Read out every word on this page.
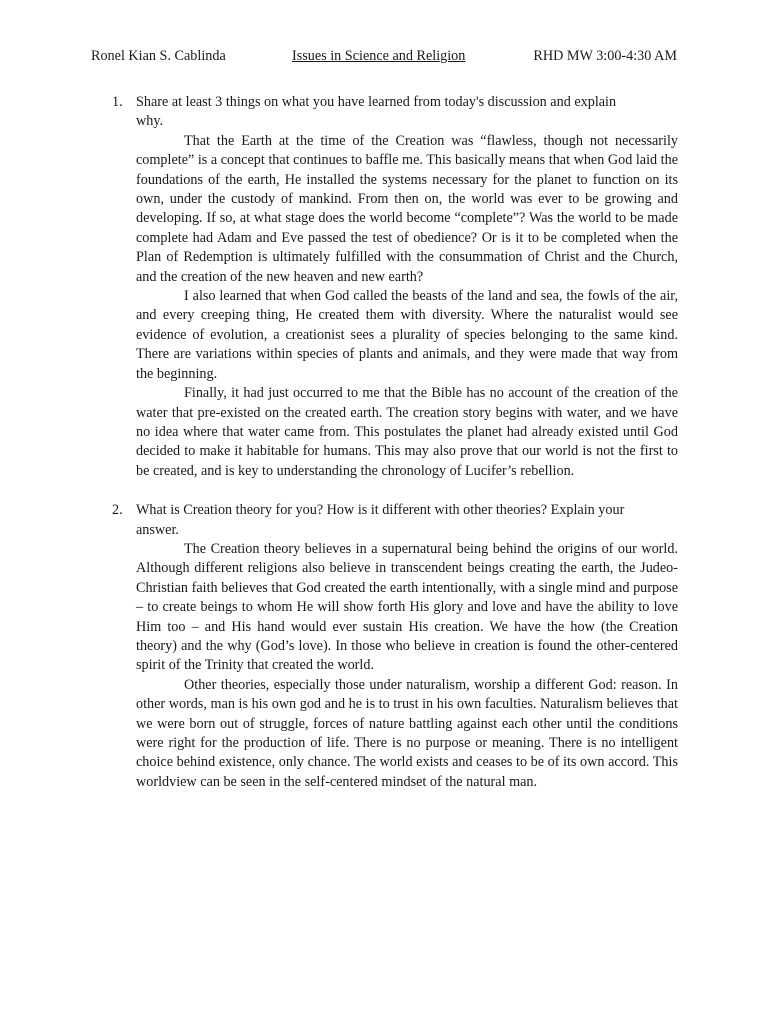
Ronel Kian S. Cablinda	Issues in Science and Religion	RHD MW 3:00-4:30 AM
1. Share at least 3 things on what you have learned from today's discussion and explain why.

That the Earth at the time of the Creation was “flawless, though not necessarily complete” is a concept that continues to baffle me. This basically means that when God laid the foundations of the earth, He installed the systems necessary for the planet to function on its own, under the custody of mankind. From then on, the world was ever to be growing and developing. If so, at what stage does the world become “complete”? Was the world to be made complete had Adam and Eve passed the test of obedience? Or is it to be completed when the Plan of Redemption is ultimately fulfilled with the consummation of Christ and the Church, and the creation of the new heaven and new earth?

I also learned that when God called the beasts of the land and sea, the fowls of the air, and every creeping thing, He created them with diversity. Where the naturalist would see evidence of evolution, a creationist sees a plurality of species belonging to the same kind. There are variations within species of plants and animals, and they were made that way from the beginning.

Finally, it had just occurred to me that the Bible has no account of the creation of the water that pre-existed on the created earth. The creation story begins with water, and we have no idea where that water came from. This postulates the planet had already existed until God decided to make it habitable for humans. This may also prove that our world is not the first to be created, and is key to understanding the chronology of Lucifer’s rebellion.

2. What is Creation theory for you? How is it different with other theories? Explain your answer.

The Creation theory believes in a supernatural being behind the origins of our world. Although different religions also believe in transcendent beings creating the earth, the Judeo-Christian faith believes that God created the earth intentionally, with a single mind and purpose – to create beings to whom He will show forth His glory and love and have the ability to love Him too – and His hand would ever sustain His creation. We have the how (the Creation theory) and the why (God’s love). In those who believe in creation is found the other-centered spirit of the Trinity that created the world.

Other theories, especially those under naturalism, worship a different God: reason. In other words, man is his own god and he is to trust in his own faculties. Naturalism believes that we were born out of struggle, forces of nature battling against each other until the conditions were right for the production of life. There is no purpose or meaning. There is no intelligent choice behind existence, only chance. The world exists and ceases to be of its own accord. This worldview can be seen in the self-centered mindset of the natural man.
